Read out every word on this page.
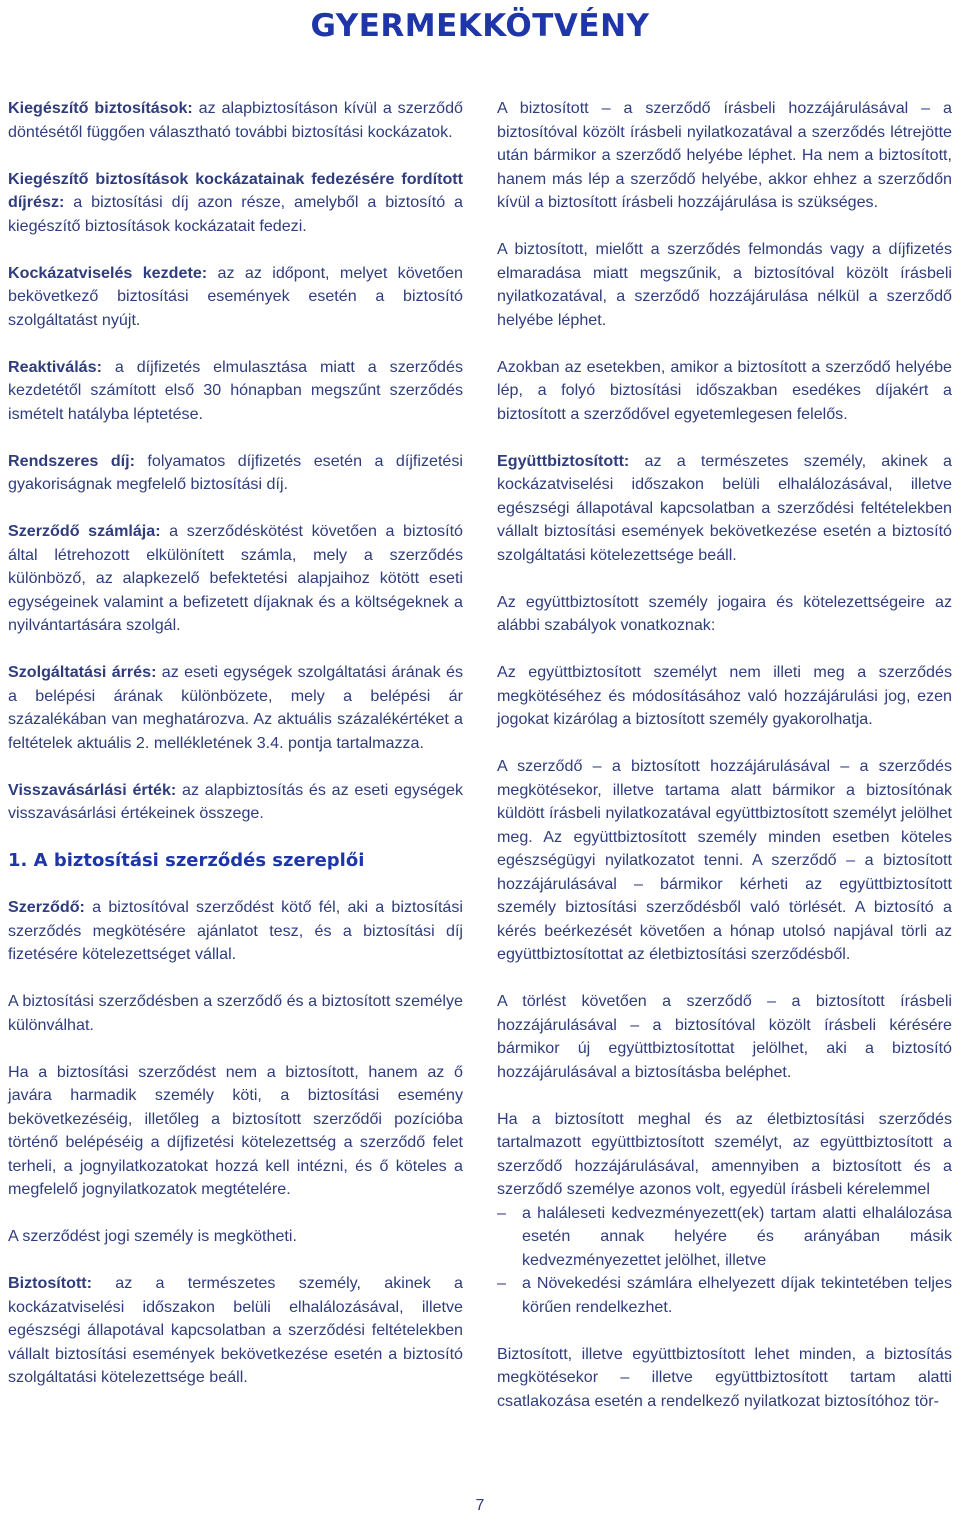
GYERMEKKÖTVÉNY

Kiegészítő biztosítások: az alapbiztosításon kívül a szerződő döntésétől függően választható további biztosítási kockázatok.

Kiegészítő biztosítások kockázatainak fedezésére fordított díjrész: a biztosítási díj azon része, amelyből a biztosító a kiegészítő biztosítások kockázatait fedezi.

Kockázatviselés kezdete: az az időpont, melyet követően bekövetkező biztosítási események esetén a biztosító szolgáltatást nyújt.

Reaktiválás: a díjfizetés elmulasztása miatt a szerződés kezdetétől számított első 30 hónapban megszűnt szerződés ismételt hatályba léptetése.

Rendszeres díj: folyamatos díjfizetés esetén a díjfizetési gyakoriságnak megfelelő biztosítási díj.

Szerződő számlája: a szerződéskötést követően a biztosító által létrehozott elkülönített számla, mely a szerződés különböző, az alapkezelő befektetési alapjaihoz kötött eseti egységeinek valamint a befizetett díjaknak és a költségeknek a nyilvántartására szolgál.

Szolgáltatási árrés: az eseti egységek szolgáltatási árának és a belépési árának különbözete, mely a belépési ár százalékában van meghatározva. Az aktuális százalékértéket a feltételek aktuális 2. mellékletének 3.4. pontja tartalmazza.

Visszavásárlási érték: az alapbiztosítás és az eseti egységek visszavásárlási értékeinek összege.

1. A biztosítási szerződés szereplői

Szerződő: a biztosítóval szerződést kötő fél, aki a biztosítási szerződés megkötésére ajánlatot tesz, és a biztosítási díj fizetésére kötelezettséget vállal.

A biztosítási szerződésben a szerződő és a biztosított személye különválhat.

Ha a biztosítási szerződést nem a biztosított, hanem az ő javára harmadik személy köti, a biztosítási esemény bekövetkezéséig, illetőleg a biztosított szerződői pozícióba történő belépéséig a díjfizetési kötelezettség a szerződő felet terheli, a jognyilatkozatokat hozzá kell intézni, és ő köteles a megfelelő jognyilatkozatok megtételére.

A szerződést jogi személy is megkötheti.

Biztosított: az a természetes személy, akinek a kockázatviselési időszakon belüli elhalálozásával, illetve egészségi állapotával kapcsolatban a szerződési feltételekben vállalt biztosítási események bekövetkezése esetén a biztosító szolgáltatási kötelezettsége beáll.

A biztosított – a szerződő írásbeli hozzájárulásával – a biztosítóval közölt írásbeli nyilatkozatával a szerződés létrejötte után bármikor a szerződő helyébe léphet. Ha nem a biztosított, hanem más lép a szerződő helyébe, akkor ehhez a szerződőn kívül a biztosított írásbeli hozzájárulása is szükséges.

A biztosított, mielőtt a szerződés felmondás vagy a díjfizetés elmaradása miatt megszűnik, a biztosítóval közölt írásbeli nyilatkozatával, a szerződő hozzájárulása nélkül a szerződő helyébe léphet.

Azokban az esetekben, amikor a biztosított a szerződő helyébe lép, a folyó biztosítási időszakban esedékes díjakért a biztosított a szerződővel egyetemlegesen felelős.

Együttbiztosított: az a természetes személy, akinek a kockázatviselési időszakon belüli elhalálozásával, illetve egészségi állapotával kapcsolatban a szerződési feltételekben vállalt biztosítási események bekövetkezése esetén a biztosító szolgáltatási kötelezettsége beáll.

Az együttbiztosított személy jogaira és kötelezettségeire az alábbi szabályok vonatkoznak:

Az együttbiztosított személyt nem illeti meg a szerződés megkötéséhez és módosításához való hozzájárulási jog, ezen jogokat kizárólag a biztosított személy gyakorolhatja.

A szerződő – a biztosított hozzájárulásával – a szerződés megkötésekor, illetve tartama alatt bármikor a biztosítónak küldött írásbeli nyilatkozatával együttbiztosított személyt jelölhet meg. Az együttbiztosított személy minden esetben köteles egészségügyi nyilatkozatot tenni. A szerződő – a biztosított hozzájárulásával – bármikor kérheti az együttbiztosított személy biztosítási szerződésből való törlését. A biztosító a kérés beérkezését követően a hónap utolsó napjával törli az együttbiztosítottat az életbiztosítási szerződésből.

A törlést követően a szerződő – a biztosított írásbeli hozzájárulásával – a biztosítóval közölt írásbeli kérésére bármikor új együttbiztosítottat jelölhet, aki a biztosító hozzájárulásával a biztosításba beléphet.

Ha a biztosított meghal és az életbiztosítási szerződés tartalmazott együttbiztosított személyt, az együttbiztosított a szerződő hozzájárulásával, amennyiben a biztosított és a szerződő személye azonos volt, egyedül írásbeli kérelemmel

– a haláleseti kedvezményezett(ek) tartam alatti elhalálozása esetén annak helyére és arányában másik kedvezményezettet jelölhet, illetve
– a Növekedési számlára elhelyezett díjak tekintetében teljes körűen rendelkezhet.

Biztosított, illetve együttbiztosított lehet minden, a biztosítás megkötésekor – illetve együttbiztosított tartam alatti csatlakozása esetén a rendelkező nyilatkozat biztosítóhoz tör-

7
